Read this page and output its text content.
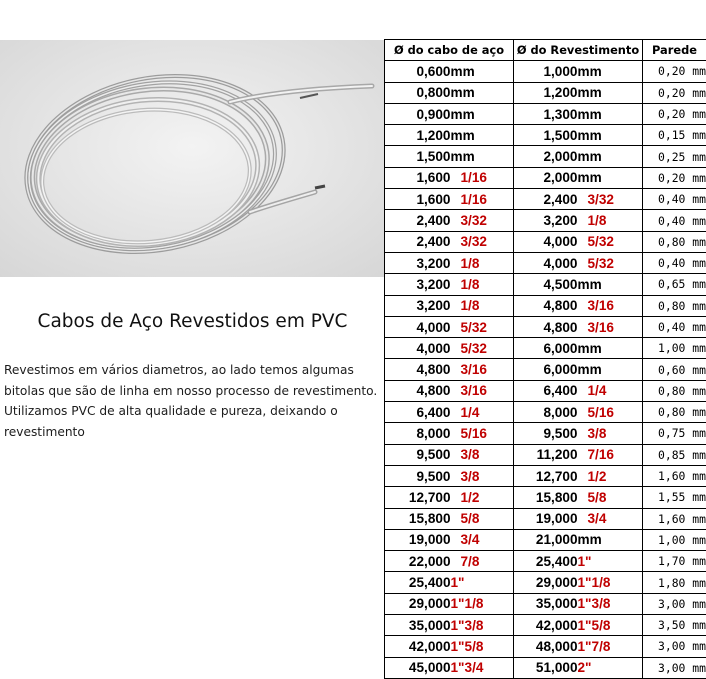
Cabos de Aço Revestidos em PVC

Revestimos em vários diametros, ao lado temos algumas bitolas que são de linha em nosso processo de revestimento. Utilizamos PVC de alta qualidade e pureza, deixando o revestimento

Ø do cabo de aço		Ø do Revestimento		Parede
0,600	mm	1,000	mm	0,20 mm
0,800	mm	1,200	mm	0,20 mm
0,900	mm	1,300	mm	0,20 mm
1,200	mm	1,500	mm	0,15 mm
1,500	mm	2,000	mm	0,25 mm
1,600	1/16	2,000	mm	0,20 mm
1,600	1/16	2,400	3/32	0,40 mm
2,400	3/32	3,200	1/8	0,40 mm
2,400	3/32	4,000	5/32	0,80 mm
3,200	1/8	4,000	5/32	0,40 mm
3,200	1/8	4,500	mm	0,65 mm
3,200	1/8	4,800	3/16	0,80 mm
4,000	5/32	4,800	3/16	0,40 mm
4,000	5/32	6,000	mm	1,00 mm
4,800	3/16	6,000	mm	0,60 mm
4,800	3/16	6,400	1/4	0,80 mm
6,400	1/4	8,000	5/16	0,80 mm
8,000	5/16	9,500	3/8	0,75 mm
9,500	3/8	11,200	7/16	0,85 mm
9,500	3/8	12,700	1/2	1,60 mm
12,700	1/2	15,800	5/8	1,55 mm
15,800	5/8	19,000	3/4	1,60 mm
19,000	3/4	21,000	mm	1,00 mm
22,000	7/8	25,400	1"	1,70 mm
25,400	1"	29,000	1"1/8	1,80 mm
29,000	1"1/8	35,000	1"3/8	3,00 mm
35,000	1"3/8	42,000	1"5/8	3,50 mm
42,000	1"5/8	48,000	1"7/8	3,00 mm
45,000	1"3/4	51,000	2"	3,00 mm
